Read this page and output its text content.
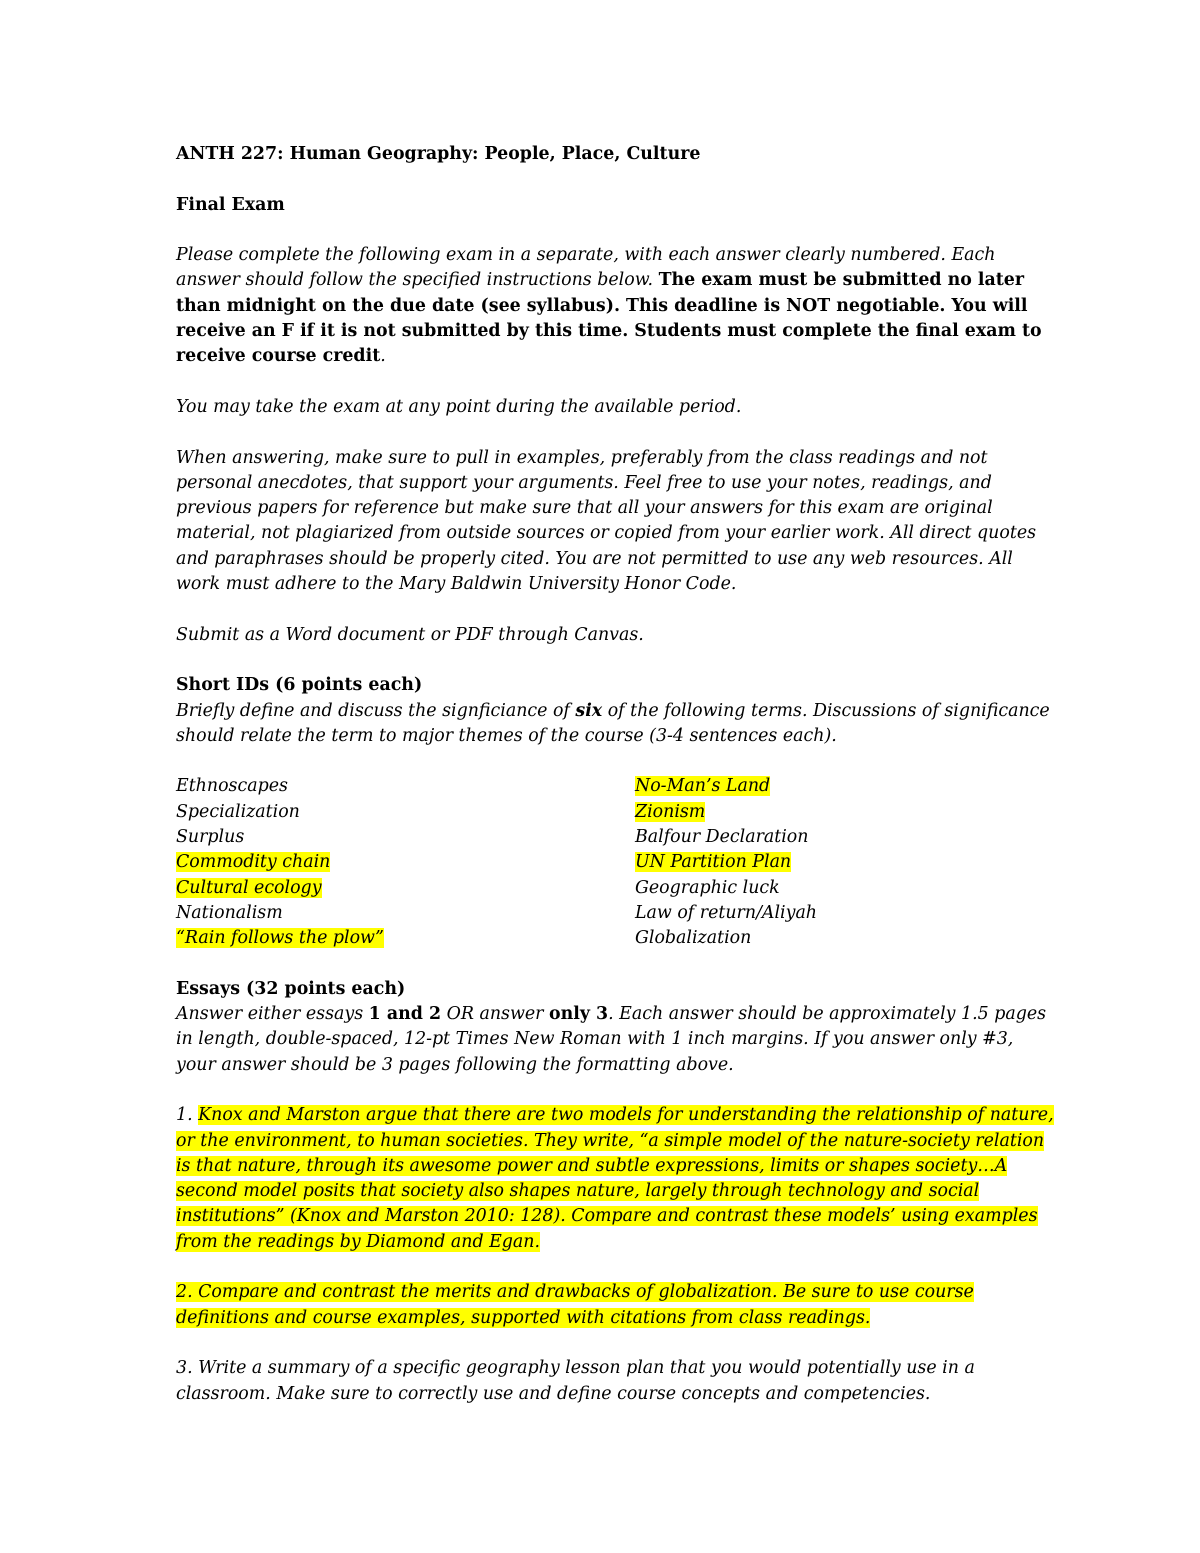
ANTH 227: Human Geography: People, Place, Culture

Final Exam

Please complete the following exam in a separate, with each answer clearly numbered. Each answer should follow the specified instructions below. The exam must be submitted no later than midnight on the due date (see syllabus). This deadline is NOT negotiable. You will receive an F if it is not submitted by this time. Students must complete the final exam to receive course credit.

You may take the exam at any point during the available period.

When answering, make sure to pull in examples, preferably from the class readings and not personal anecdotes, that support your arguments. Feel free to use your notes, readings, and previous papers for reference but make sure that all your answers for this exam are original material, not plagiarized from outside sources or copied from your earlier work. All direct quotes and paraphrases should be properly cited. You are not permitted to use any web resources. All work must adhere to the Mary Baldwin University Honor Code.

Submit as a Word document or PDF through Canvas.

Short IDs (6 points each)

Briefly define and discuss the signficiance of six of the following terms. Discussions of significance should relate the term to major themes of the course (3-4 sentences each).

Ethnoscapes
Specialization
Surplus
Commodity chain
Cultural ecology
Nationalism
“Rain follows the plow”
No-Man’s Land
Zionism
Balfour Declaration
UN Partition Plan
Geographic luck
Law of return/Aliyah
Globalization

Essays (32 points each)

Answer either essays 1 and 2 OR answer only 3. Each answer should be approximately 1.5 pages in length, double-spaced, 12-pt Times New Roman with 1 inch margins. If you answer only #3, your answer should be 3 pages following the formatting above.

1. Knox and Marston argue that there are two models for understanding the relationship of nature, or the environment, to human societies. They write, “a simple model of the nature-society relation is that nature, through its awesome power and subtle expressions, limits or shapes society…A second model posits that society also shapes nature, largely through technology and social institutions” (Knox and Marston 2010: 128). Compare and contrast these models’ using examples from the readings by Diamond and Egan.

2. Compare and contrast the merits and drawbacks of globalization. Be sure to use course definitions and course examples, supported with citations from class readings.

3. Write a summary of a specific geography lesson plan that you would potentially use in a classroom. Make sure to correctly use and define course concepts and competencies.
